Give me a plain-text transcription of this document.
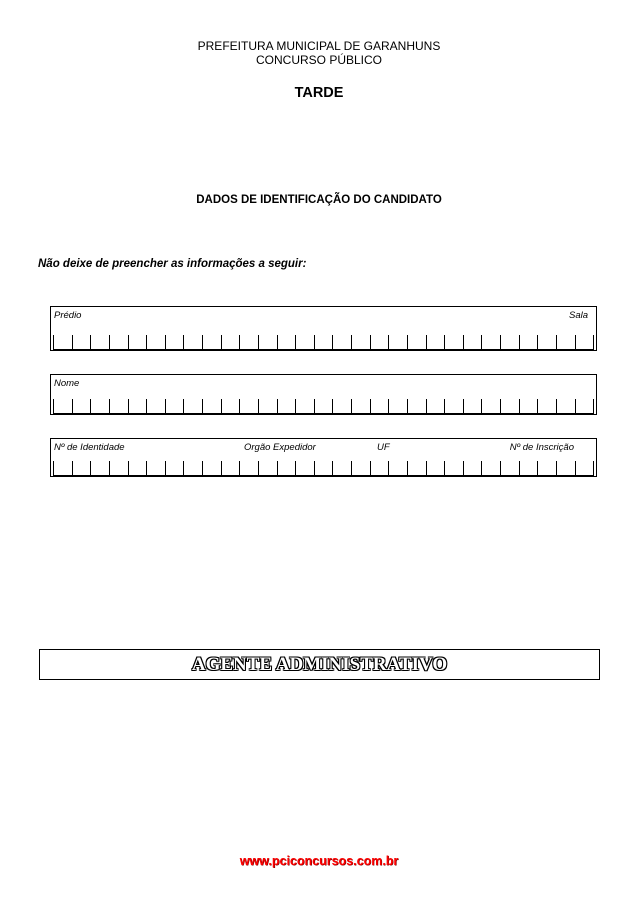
PREFEITURA MUNICIPAL DE GARANHUNS
CONCURSO PÚBLICO
TARDE
DADOS DE IDENTIFICAÇÃO DO CANDIDATO
Não deixe de preencher as informações a seguir:
Prédio	Sala
Nome
Nº de Identidade	Orgão Expedidor	UF	Nº de Inscrição
AGENTE ADMINISTRATIVO
www.pciconcursos.com.br
